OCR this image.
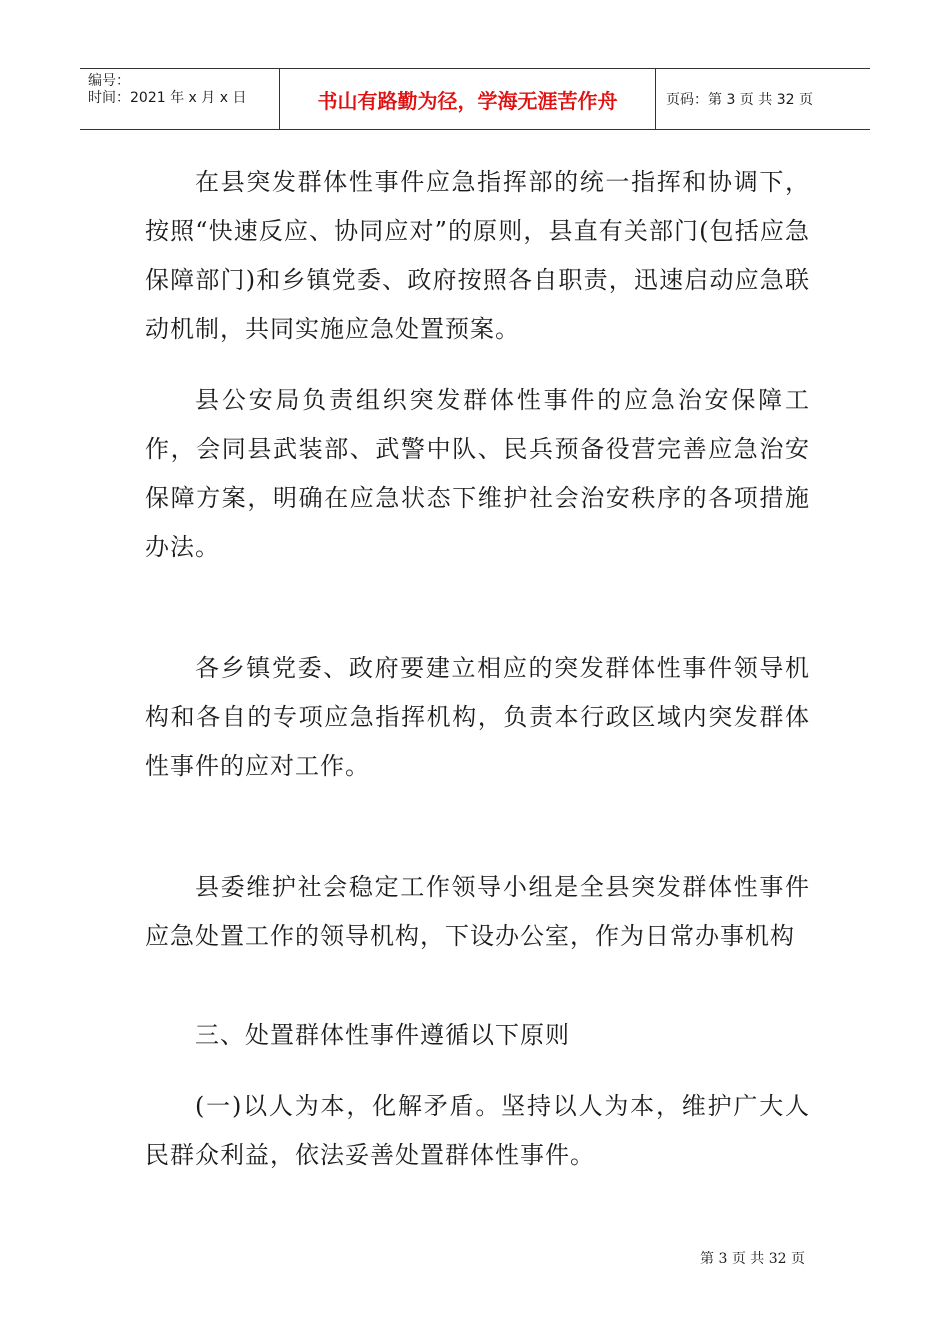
编号：
时间：2021 年 x 月 x 日	书山有路勤为径，学海无涯苦作舟	页码：第 3 页 共 32 页

在县突发群体性事件应急指挥部的统一指挥和协调下，按照“快速反应、协同应对”的原则，县直有关部门(包括应急保障部门)和乡镇党委、政府按照各自职责，迅速启动应急联动机制，共同实施应急处置预案。

县公安局负责组织突发群体性事件的应急治安保障工作，会同县武装部、武警中队、民兵预备役营完善应急治安保障方案，明确在应急状态下维护社会治安秩序的各项措施办法。

各乡镇党委、政府要建立相应的突发群体性事件领导机构和各自的专项应急指挥机构，负责本行政区域内突发群体性事件的应对工作。

县委维护社会稳定工作领导小组是全县突发群体性事件应急处置工作的领导机构，下设办公室，作为日常办事机构

三、处置群体性事件遵循以下原则

(一)以人为本，化解矛盾。坚持以人为本，维护广大人民群众利益，依法妥善处置群体性事件。

第 3 页 共 32 页
